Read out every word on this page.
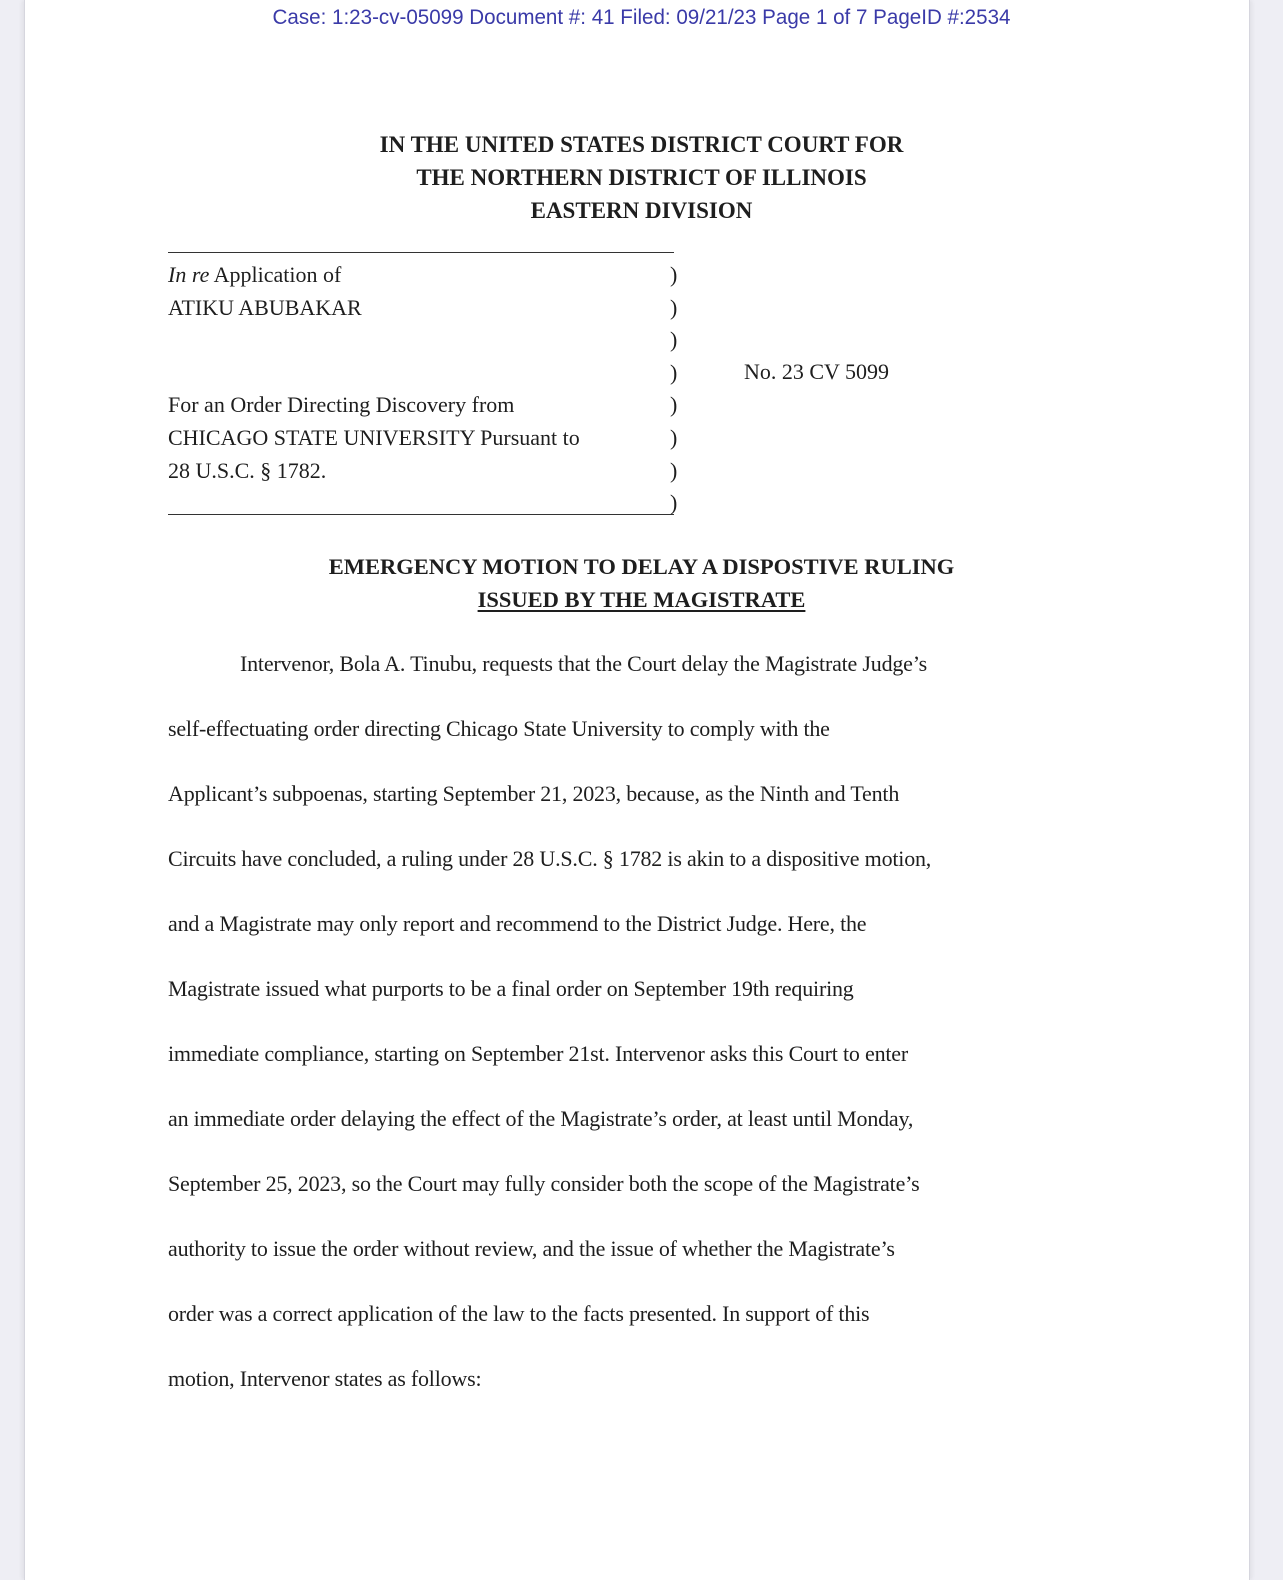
Case: 1:23-cv-05099 Document #: 41 Filed: 09/21/23 Page 1 of 7 PageID #:2534
IN THE UNITED STATES DISTRICT COURT FOR
THE NORTHERN DISTRICT OF ILLINOIS
EASTERN DIVISION
In re Application of
ATIKU ABUBAKAR
For an Order Directing Discovery from
CHICAGO STATE UNIVERSITY Pursuant to
28 U.S.C. § 1782.
)
)
)
)
)
)
)
)
No. 23 CV 5099
EMERGENCY MOTION TO DELAY A DISPOSTIVE RULING
ISSUED BY THE MAGISTRATE
Intervenor, Bola A. Tinubu, requests that the Court delay the Magistrate Judge’s
self-effectuating order directing Chicago State University to comply with the
Applicant’s subpoenas, starting September 21, 2023, because, as the Ninth and Tenth
Circuits have concluded, a ruling under 28 U.S.C. § 1782 is akin to a dispositive motion,
and a Magistrate may only report and recommend to the District Judge. Here, the
Magistrate issued what purports to be a final order on September 19th requiring
immediate compliance, starting on September 21st. Intervenor asks this Court to enter
an immediate order delaying the effect of the Magistrate’s order, at least until Monday,
September 25, 2023, so the Court may fully consider both the scope of the Magistrate’s
authority to issue the order without review, and the issue of whether the Magistrate’s
order was a correct application of the law to the facts presented. In support of this
motion, Intervenor states as follows:
